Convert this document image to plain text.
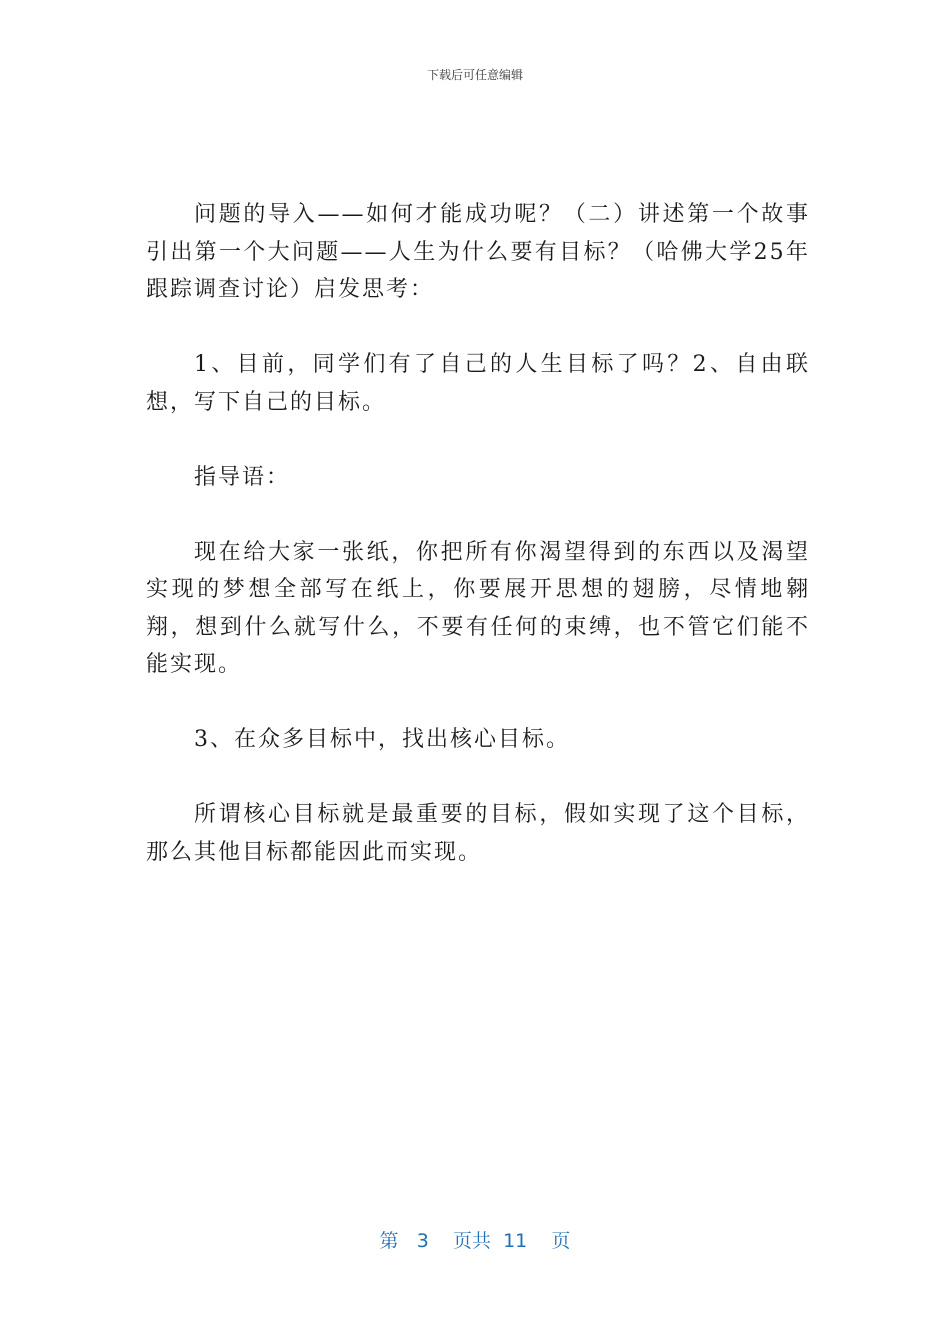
下载后可任意编辑

问题的导入——如何才能成功呢？（二）讲述第一个故事引出第一个大问题——人生为什么要有目标？（哈佛大学25年跟踪调查讨论）启发思考：

1、目前，同学们有了自己的人生目标了吗？2、自由联想，写下自己的目标。

指导语：

现在给大家一张纸，你把所有你渴望得到的东西以及渴望实现的梦想全部写在纸上，你要展开思想的翅膀，尽情地翱翔，想到什么就写什么，不要有任何的束缚，也不管它们能不能实现。

3、在众多目标中，找出核心目标。

所谓核心目标就是最重要的目标，假如实现了这个目标，那么其他目标都能因此而实现。

第 3 页共 11 页
